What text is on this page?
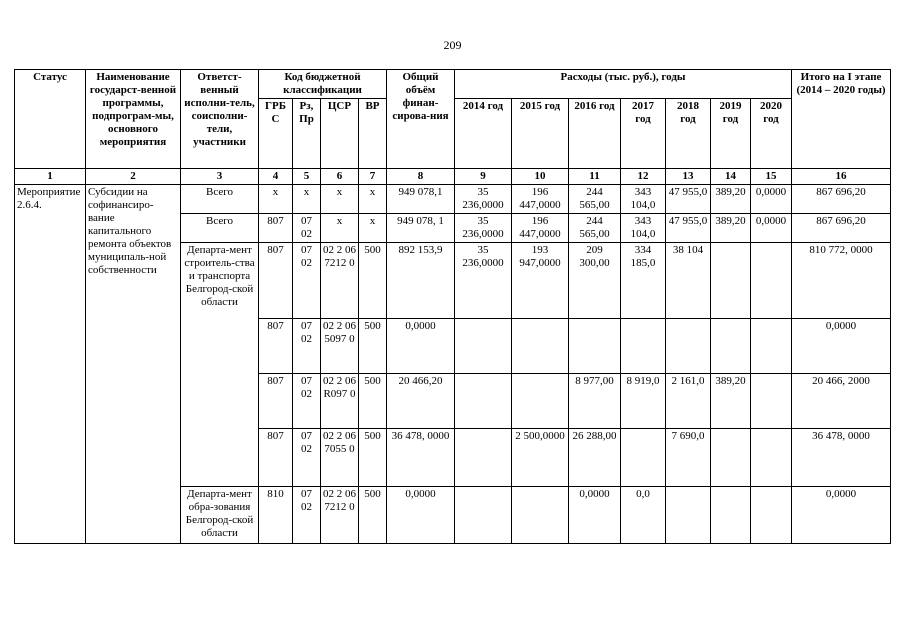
209
Статус	Наименование государст-венной программы, подпрограм-мы, основного мероприятия	Ответст-венный исполни-тель, соисполни-тели, участники	Код бюджетной классификации				Общий объём финан-сирова-ния	Расходы (тыс. руб.), годы							Итого на I этапе (2014 – 2020 годы)
			ГРБ С	Рз, Пр	ЦСР	ВР		2014 год	2015 год	2016 год	2017 год	2018 год	2019 год	2020 год	
1	2	3	4	5	6	7	8	9	10	11	12	13	14	15	16
Мероприятие 2.6.4.	Субсидии на софинансиро-вание капитального ремонта объектов муниципаль-ной собственности	Всего	х	х	х	х	949 078,1	35 236,0000	196 447,0000	244 565,00	343 104,0	47 955,0	389,20	0,0000	867 696,20
		Всего	807	07 02	х	х	949 078, 1	35 236,0000	196 447,0000	244 565,00	343 104,0	47 955,0	389,20	0,0000	867 696,20
		Департа-мент строитель-ства и транспорта Белгород-ской области	807	07 02	02 2 06 7212 0	500	892 153,9	35 236,0000	193 947,0000	209 300,00	334 185,0	38 104			810 772, 0000
			807	07 02	02 2 06 5097 0	500	0,0000								0,0000
			807	07 02	02 2 06 R097 0	500	20 466,20			8 977,00	8 919,0	2 161,0	389,20		20 466, 2000
			807	07 02	02 2 06 7055 0	500	36 478, 0000		2 500,0000	26 288,00		7 690,0			36 478, 0000
		Департа-мент обра-зования Белгород-ской области	810	07 02	02 2 06 7212 0	500	0,0000			0,0000	0,0				0,0000
